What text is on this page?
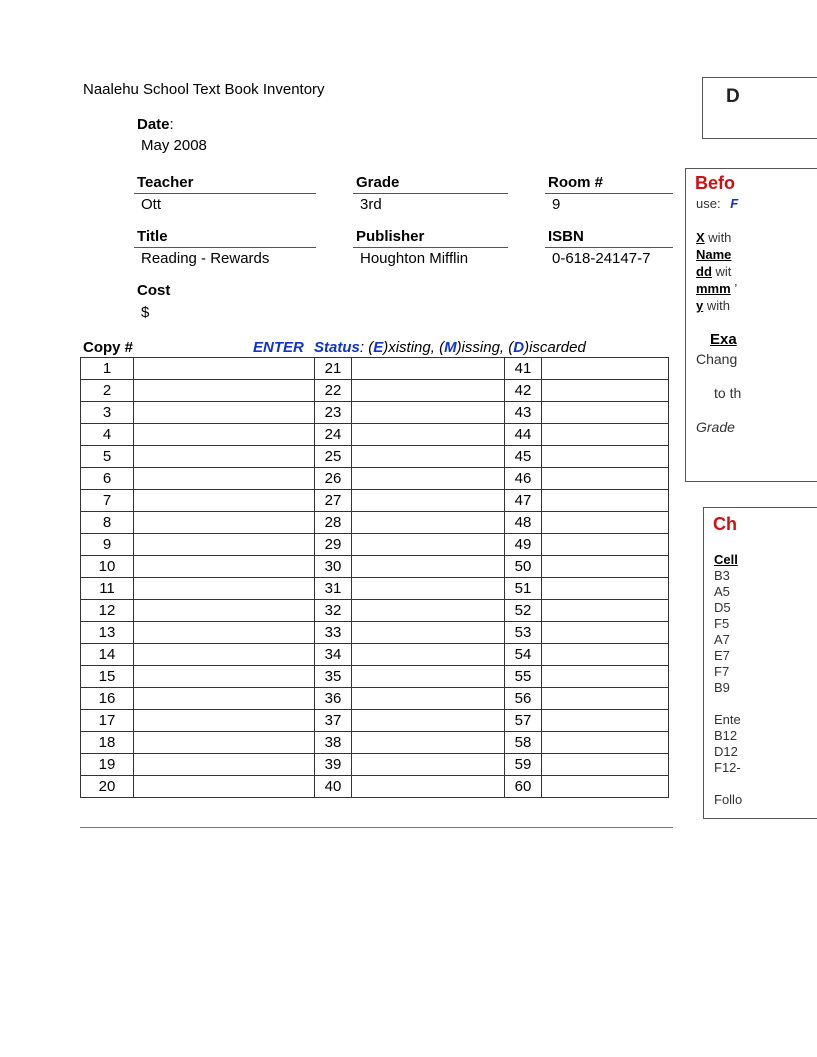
Naalehu School Text Book Inventory
Date:
May 2008
Teacher
Ott
Grade
3rd
Room #
9
Title
Reading - Rewards
Publisher
Houghton Mifflin
ISBN
0-618-24147-7
Cost
$
Copy #	ENTER Status: (E)xisting, (M)issing, (D)iscarded
1		21		41	
2		22		42	
3		23		43	
4		24		44	
5		25		45	
6		26		46	
7		27		47	
8		28		48	
9		29		49	
10		30		50	
11		31		51	
12		32		52	
13		33		53	
14		34		54	
15		35		55	
16		36		56	
17		37		57	
18		38		58	
19		39		59	
20		40		60	
D
Befo
use: F
X with
Name
dd wit
mmm ’
y with
Exa
Chang
to th
Grade
Ch
Cell
B3
A5
D5
F5
A7
E7
F7
B9
Ente
B12
D12
F12-
Follo
